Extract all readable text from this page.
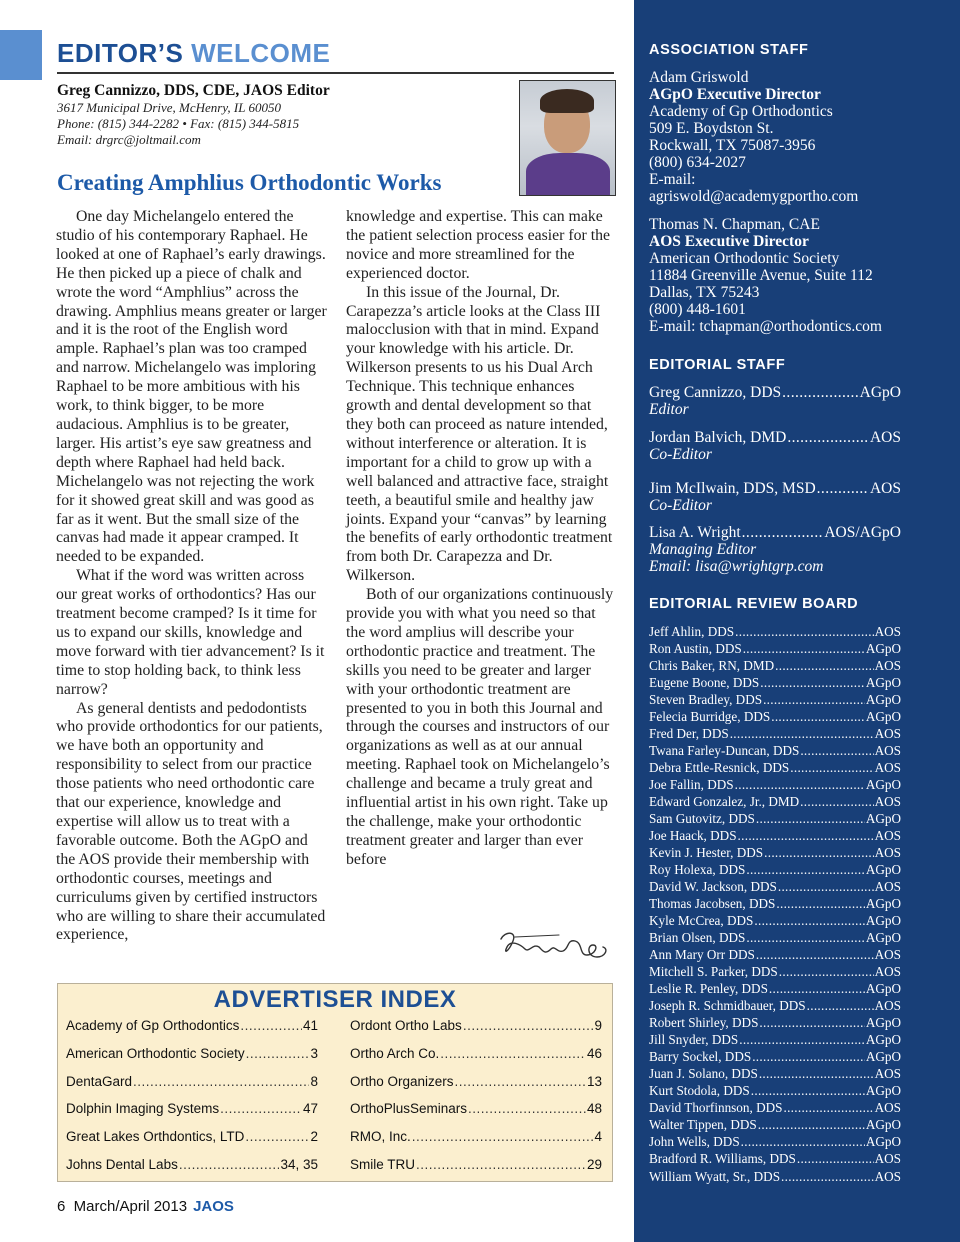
EDITOR’S WELCOME
Greg Cannizzo, DDS, CDE, JAOS Editor
3617 Municipal Drive, McHenry, IL 60050
Phone: (815) 344-2282 • Fax: (815) 344-5815
Email: drgrc@joltmail.com
Creating Amphlius Orthodontic Works

One day Michelangelo entered the studio of his contemporary Raphael. He looked at one of Raphael’s early drawings. He then picked up a piece of chalk and wrote the word “Amphlius” across the drawing. Amphlius means greater or larger and it is the root of the English word ample. Raphael’s plan was too cramped and narrow. Michelangelo was imploring Raphael to be more ambitious with his work, to think bigger, to be more audacious. Amphlius is to be greater, larger. His artist’s eye saw greatness and depth where Raphael had held back. Michelangelo was not rejecting the work for it showed great skill and was good as far as it went. But the small size of the canvas had made it appear cramped. It needed to be expanded.

What if the word was written across our great works of orthodontics? Has our treatment become cramped? Is it time for us to expand our skills, knowledge and move forward with tier advancement? Is it time to stop holding back, to think less narrow?

As general dentists and pedodontists who provide orthodontics for our patients, we have both an opportunity and responsibility to select from our practice those patients who need orthodontic care that our experience, knowledge and expertise will allow us to treat with a favorable outcome. Both the AGpO and the AOS provide their membership with orthodontic courses, meetings and curriculums given by certified instructors who are willing to share their accumulated experience,

knowledge and expertise. This can make the patient selection process easier for the novice and more streamlined for the experienced doctor.

In this issue of the Journal, Dr. Carapezza’s article looks at the Class III malocclusion with that in mind. Expand your knowledge with his article. Dr. Wilkerson presents to us his Dual Arch Technique. This technique enhances growth and dental development so that they both can proceed as nature intended, without interference or alteration. It is important for a child to grow up with a well balanced and attractive face, straight teeth, a beautiful smile and healthy jaw joints. Expand your “canvas” by learning the benefits of early orthodontic treatment from both Dr. Carapezza and Dr. Wilkerson.

Both of our organizations continuously provide you with what you need so that the word amplius will describe your orthodontic practice and treatment. The skills you need to be greater and larger with your orthodontic treatment are presented to you in both this Journal and through the courses and instructors of our organizations as well as at our annual meeting. Raphael took on Michelangelo’s challenge and became a truly great and influential artist in his own right. Take up the challenge, make your orthodontic treatment greater and larger than ever before

ADVERTISER INDEX
Academy of Gp Orthodontics .....	41
American Orthodontic Society .....	3
DentaGard .....	8
Dolphin Imaging Systems .....	47
Great Lakes Orthdontics, LTD .....	2
Johns Dental Labs .....	34, 35
Ordont Ortho Labs .....	9
Ortho Arch Co. .....	46
Ortho Organizers .....	13
OrthoPlusSeminars .....	48
RMO, Inc. .....	4
Smile TRU .....	29
6  March/April 2013 JAOS
ASSOCIATION STAFF
Adam Griswold
AGpO Executive Director
Academy of Gp Orthodontics
509 E. Boydston St.
Rockwall, TX 75087-3956
(800) 634-2027
E-mail:
agriswold@academygportho.com
Thomas N. Chapman, CAE
AOS Executive Director
American Orthodontic Society
11884 Greenville Avenue, Suite 112
Dallas, TX 75243
(800) 448-1601
E-mail: tchapman@orthodontics.com
EDITORIAL STAFF
Greg Cannizzo, DDS .....	AGpO
Editor
Jordan Balvich, DMD .....	AOS
Co-Editor
Jim McIlwain, DDS, MSD .....	AOS
Co-Editor
Lisa A. Wright .....	AOS/AGpO
Managing Editor
Email: lisa@wrightgrp.com
EDITORIAL REVIEW BOARD
Jeff Ahlin, DDS .....	AOS
Ron Austin, DDS .....	AGpO
Chris Baker, RN, DMD .....	AOS
Eugene Boone, DDS .....	AGpO
Steven Bradley, DDS .....	AGpO
Felecia Burridge, DDS .....	AGpO
Fred Der, DDS .....	AOS
Twana Farley-Duncan, DDS .....	AOS
Debra Ettle-Resnick, DDS .....	AOS
Joe Fallin, DDS .....	AGpO
Edward Gonzalez, Jr., DMD .....	AOS
Sam Gutovitz, DDS .....	AGpO
Joe Haack, DDS .....	AOS
Kevin J. Hester, DDS .....	AOS
Roy Holexa, DDS .....	AGpO
David W. Jackson, DDS .....	AOS
Thomas Jacobsen, DDS .....	AGpO
Kyle McCrea, DDS .....	AGpO
Brian Olsen, DDS .....	AGpO
Ann Mary Orr DDS .....	AOS
Mitchell S. Parker, DDS .....	AOS
Leslie R. Penley, DDS .....	AGpO
Joseph R. Schmidbauer, DDS .....	AOS
Robert Shirley, DDS .....	AGpO
Jill Snyder, DDS .....	AGpO
Barry Sockel, DDS .....	AGpO
Juan J. Solano, DDS .....	AOS
Kurt Stodola, DDS .....	AGpO
David Thorfinnson, DDS .....	AOS
Walter Tippen, DDS .....	AGpO
John Wells, DDS .....	AGpO
Bradford R. Williams, DDS .....	AOS
William Wyatt, Sr., DDS .....	AOS
